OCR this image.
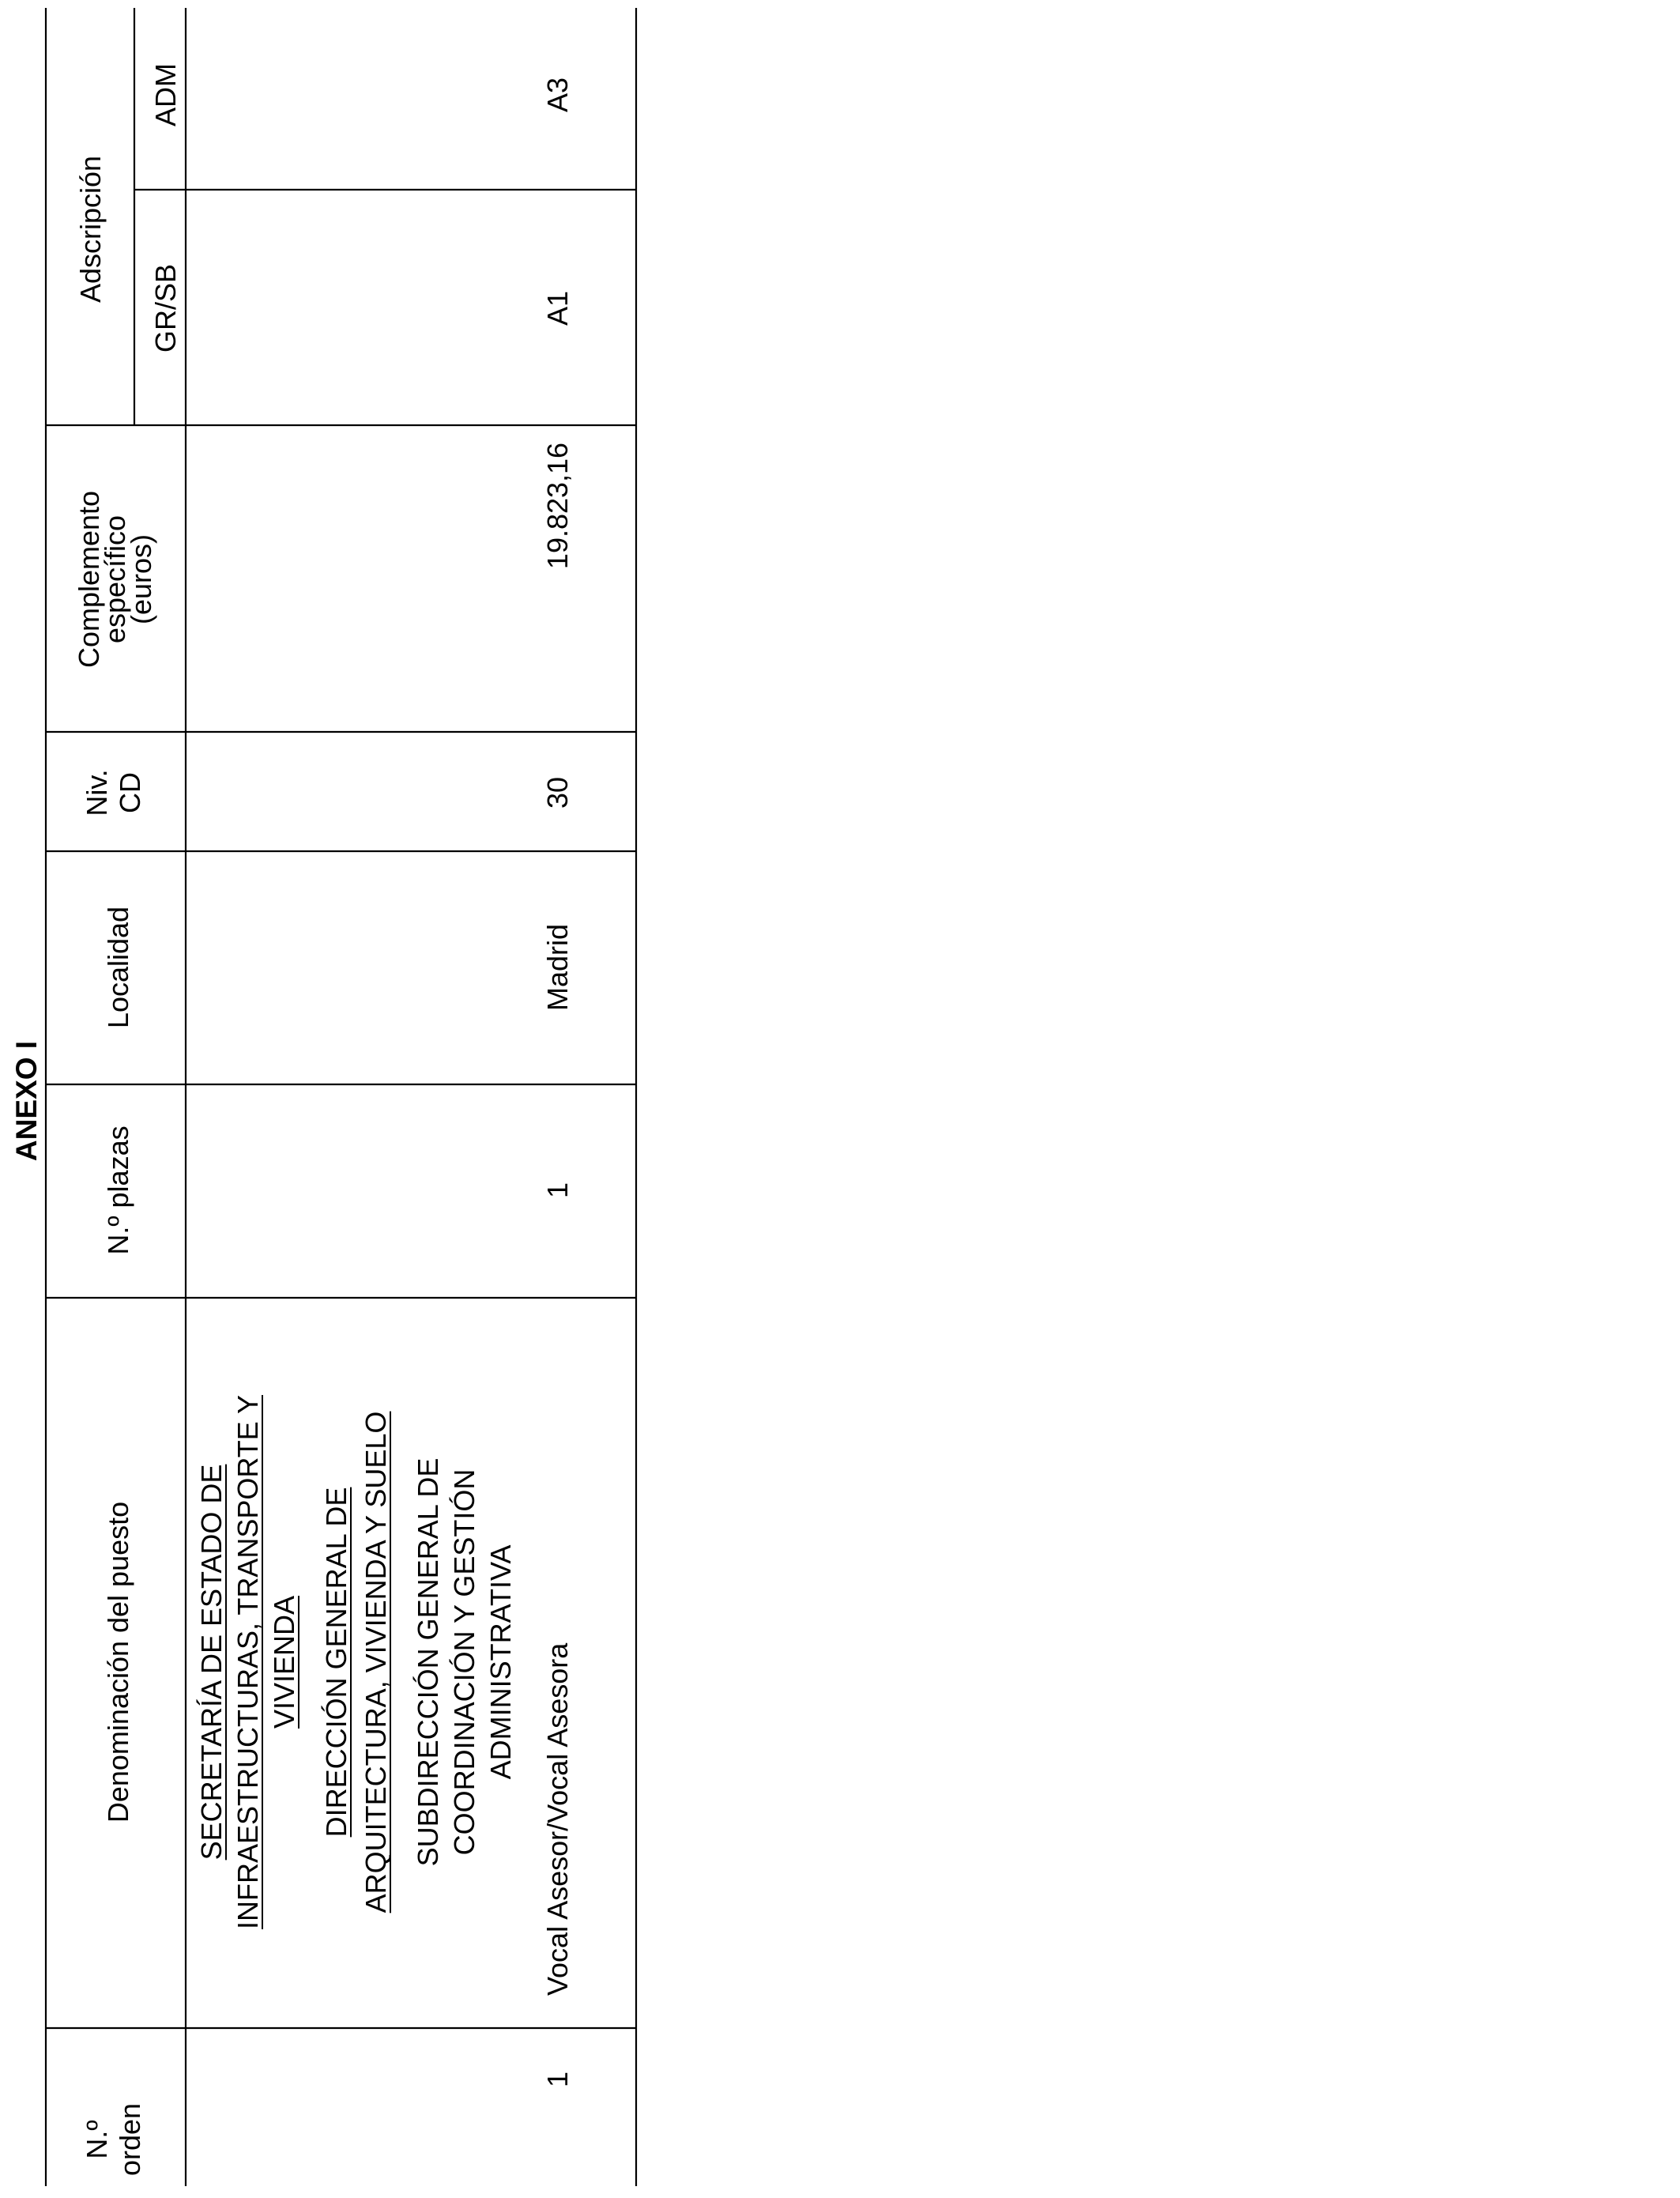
ANEXO I
N.º orden
Denominación del puesto
N.º plazas
Localidad
Niv. CD
Complemento
específico
(euros)
Adscripción
GR/SB
ADM
SECRETARÍA DE ESTADO DE INFRAESTRUCTURAS, TRANSPORTE Y VIVIENDA DIRECCIÓN GENERAL DE ARQUITECTURA, VIVIENDA Y SUELO SUBDIRECCIÓN GENERAL DE COORDINACIÓN Y GESTIÓN ADMINISTRATIVA
1
Vocal Asesor/Vocal Asesora
1
Madrid
30
19.823,16
A1
A3
